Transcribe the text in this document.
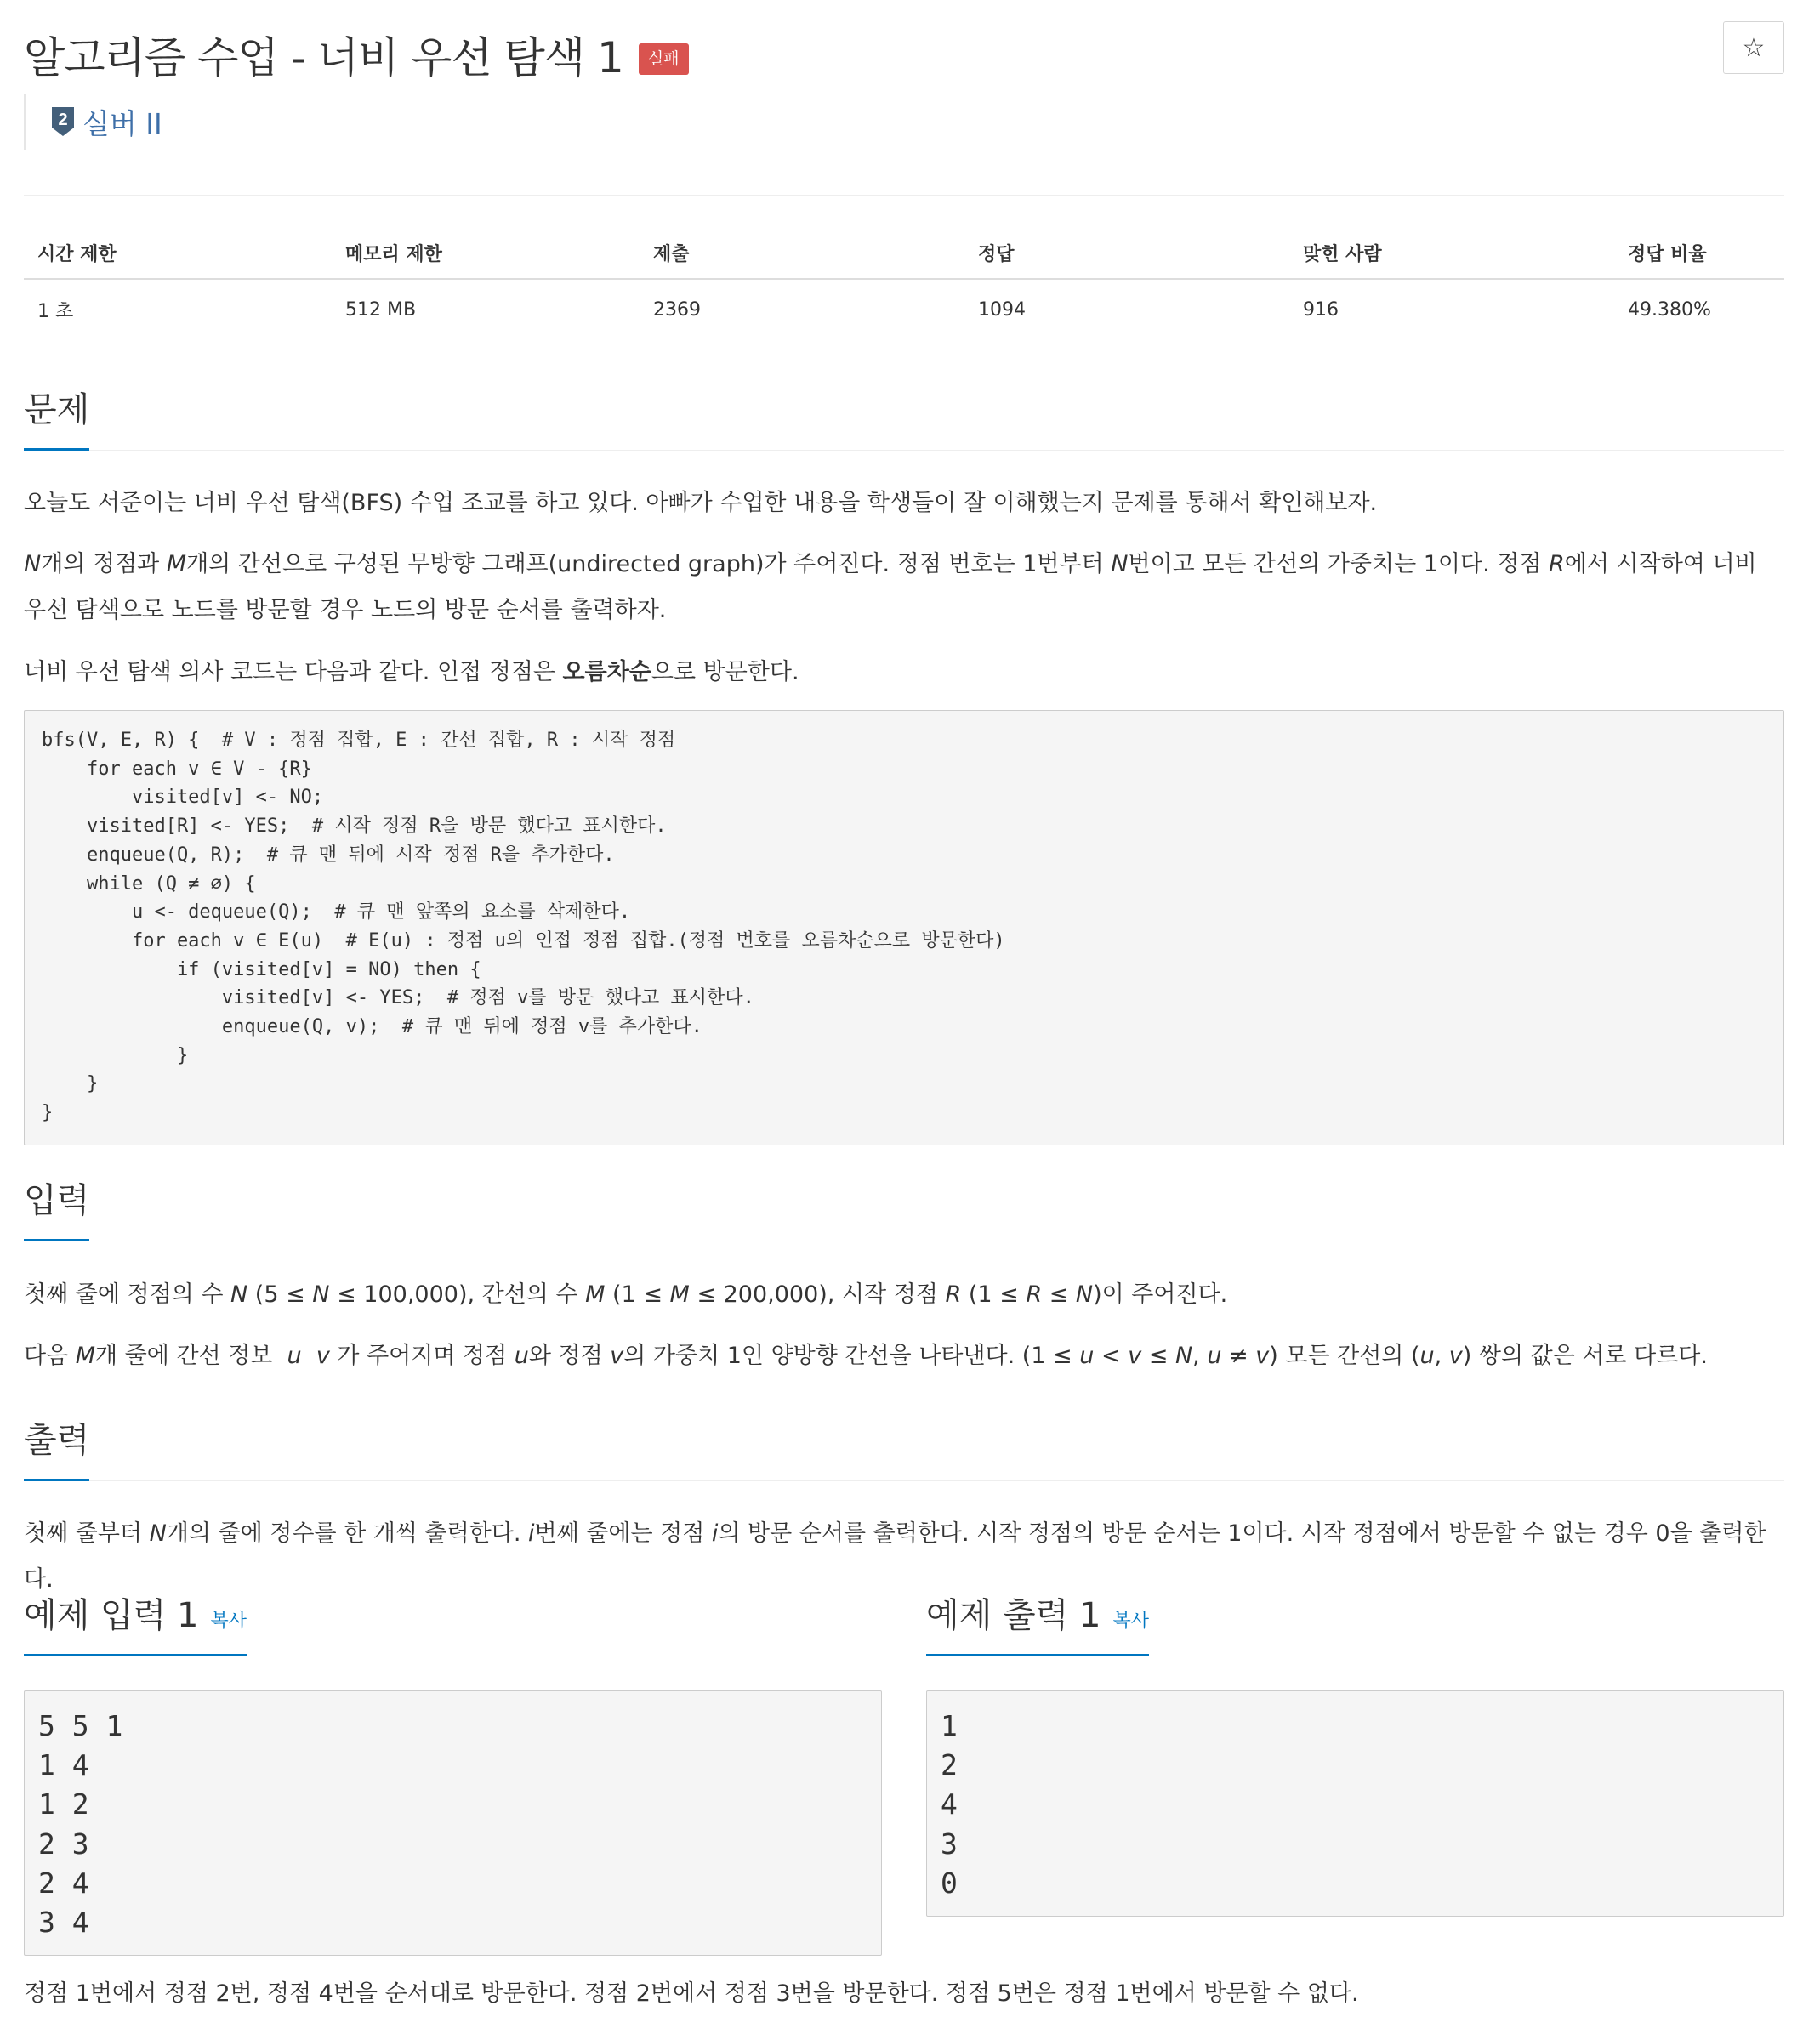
알고리즘 수업 - 너비 우선 탐색 1	실패	☆
2 실버 II
시간 제한	메모리 제한	제출	정답	맞힌 사람	정답 비율
1 초	512 MB	2369	1094	916	49.380%
문제
오늘도 서준이는 너비 우선 탐색(BFS) 수업 조교를 하고 있다. 아빠가 수업한 내용을 학생들이 잘 이해했는지 문제를 통해서 확인해보자.
N개의 정점과 M개의 간선으로 구성된 무방향 그래프(undirected graph)가 주어진다. 정점 번호는 1번부터 N번이고 모든 간선의 가중치는 1이다. 정점 R에서 시작하여 너비 우선 탐색으로 노드를 방문할 경우 노드의 방문 순서를 출력하자.
너비 우선 탐색 의사 코드는 다음과 같다. 인접 정점은 오름차순으로 방문한다.
bfs(V, E, R) {  # V : 정점 집합, E : 간선 집합, R : 시작 정점
for each v ∈ V - {R}
visited[v] <- NO;
visited[R] <- YES;  # 시작 정점 R을 방문 했다고 표시한다.
enqueue(Q, R);  # 큐 맨 뒤에 시작 정점 R을 추가한다.
while (Q ≠ ∅) {
u <- dequeue(Q);  # 큐 맨 앞쪽의 요소를 삭제한다.
for each v ∈ E(u)  # E(u) : 정점 u의 인접 정점 집합.(정점 번호를 오름차순으로 방문한다)
if (visited[v] = NO) then {
visited[v] <- YES;  # 정점 v를 방문 했다고 표시한다.
enqueue(Q, v);  # 큐 맨 뒤에 정점 v를 추가한다.
}
}
}
입력
첫째 줄에 정점의 수 N (5 ≤ N ≤ 100,000), 간선의 수 M (1 ≤ M ≤ 200,000), 시작 정점 R (1 ≤ R ≤ N)이 주어진다.
다음 M개 줄에 간선 정보  u v 가 주어지며 정점 u와 정점 v의 가중치 1인 양방향 간선을 나타낸다. (1 ≤ u < v ≤ N, u ≠ v) 모든 간선의 (u, v) 쌍의 값은 서로 다르다.
출력
첫째 줄부터 N개의 줄에 정수를 한 개씩 출력한다. i번째 줄에는 정점 i의 방문 순서를 출력한다. 시작 정점의 방문 순서는 1이다. 시작 정점에서 방문할 수 없는 경우 0을 출력한다.
예제 입력 1 복사	예제 출력 1 복사
5 5 1
1 4
1 2
2 3
2 4
3 4
1
2
4
3
0
정점 1번에서 정점 2번, 정점 4번을 순서대로 방문한다. 정점 2번에서 정점 3번을 방문한다. 정점 5번은 정점 1번에서 방문할 수 없다.
